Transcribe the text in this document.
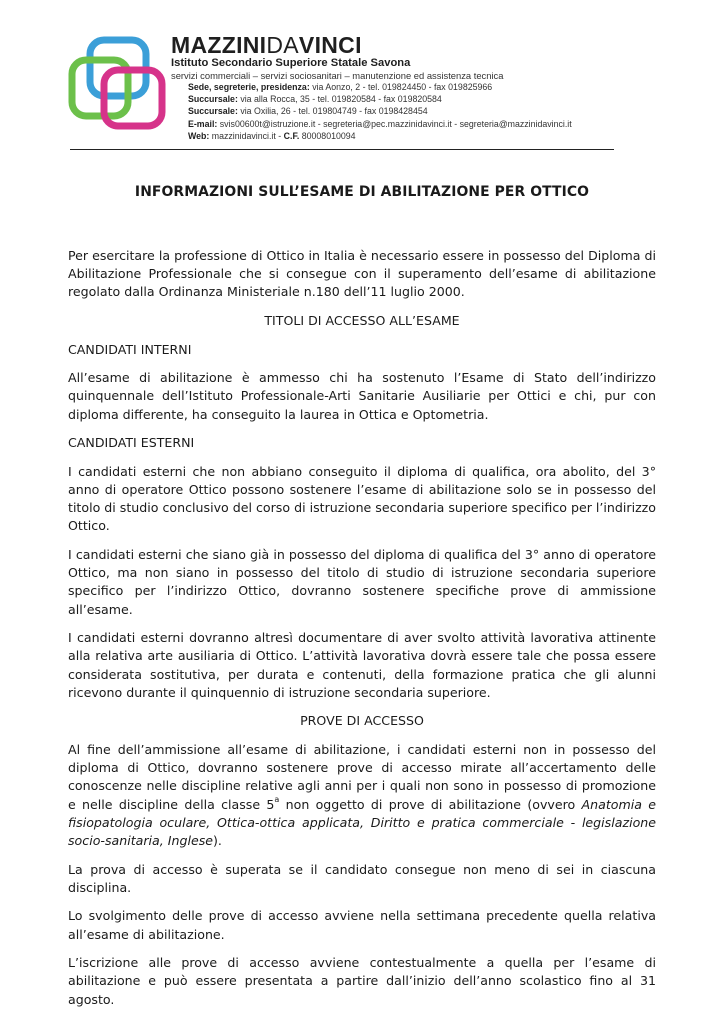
MAZZINIDAVINCI
Istituto Secondario Superiore Statale Savona
servizi commerciali – servizi sociosanitari – manutenzione ed assistenza tecnica
Sede, segreterie, presidenza: via Aonzo, 2 - tel. 019824450 - fax 019825966
Succursale: via alla Rocca, 35 - tel. 019820584 - fax 019820584
Succursale: via Oxilia, 26 - tel. 019804749 - fax 0198428454
E-mail: svis00600t@istruzione.it - segreteria@pec.mazzinidavinci.it - segreteria@mazzinidavinci.it
Web: mazzinidavinci.it - C.F. 80008010094
INFORMAZIONI SULL’ESAME DI ABILITAZIONE PER OTTICO

Per esercitare la professione di Ottico in Italia è necessario essere in possesso del Diploma di Abilitazione Professionale che si consegue con il superamento dell’esame di abilitazione regolato dalla Ordinanza Ministeriale n.180 dell’11 luglio 2000.

TITOLI DI ACCESSO ALL’ESAME

CANDIDATI INTERNI

All’esame di abilitazione è ammesso chi ha sostenuto l’Esame di Stato dell’indirizzo quinquennale dell’Istituto Professionale-Arti Sanitarie Ausiliarie per Ottici e chi, pur con diploma differente, ha conseguito la laurea in Ottica e Optometria.

CANDIDATI ESTERNI

I candidati esterni che non abbiano conseguito il diploma di qualifica, ora abolito, del 3° anno di operatore Ottico possono sostenere l’esame di abilitazione solo se in possesso del titolo di studio conclusivo del corso di istruzione secondaria superiore specifico per l’indirizzo Ottico.

I candidati esterni che siano già in possesso del diploma di qualifica del 3° anno di operatore Ottico, ma non siano in possesso del titolo di studio di istruzione secondaria superiore specifico per l’indirizzo Ottico, dovranno sostenere specifiche prove di ammissione all’esame.

I candidati esterni dovranno altresì documentare di aver svolto attività lavorativa attinente alla relativa arte ausiliaria di Ottico. L’attività lavorativa dovrà essere tale che possa essere considerata sostitutiva, per durata e contenuti, della formazione pratica che gli alunni ricevono durante il quinquennio di istruzione secondaria superiore.

PROVE DI ACCESSO

Al fine dell’ammissione all’esame di abilitazione, i candidati esterni non in possesso del diploma di Ottico, dovranno sostenere prove di accesso mirate all’accertamento delle conoscenze nelle discipline relative agli anni per i quali non sono in possesso di promozione e nelle discipline della classe 5$^a$ non oggetto di prove di abilitazione (ovvero Anatomia e fisiopatologia oculare, Ottica-ottica applicata, Diritto e pratica commerciale - legislazione socio-sanitaria, Inglese).

La prova di accesso è superata se il candidato consegue non meno di sei in ciascuna disciplina.

Lo svolgimento delle prove di accesso avviene nella settimana precedente quella relativa all’esame di abilitazione.

L’iscrizione alle prove di accesso avviene contestualmente a quella per l’esame di abilitazione e può essere presentata a partire dall’inizio dell’anno scolastico fino al 31 agosto.
